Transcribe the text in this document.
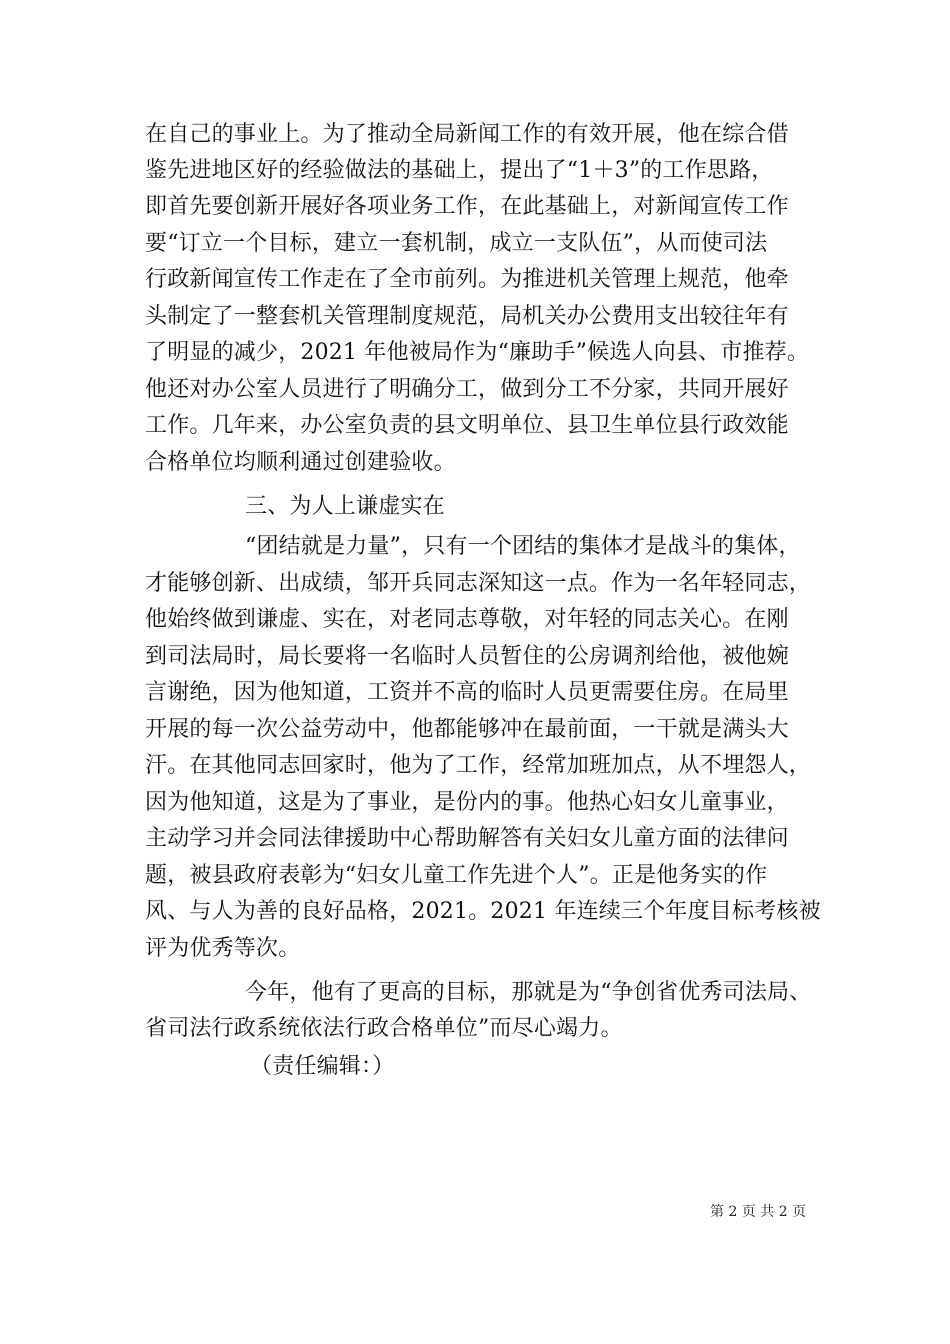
在自己的事业上。为了推动全局新闻工作的有效开展，他在综合借
鉴先进地区好的经验做法的基础上，提出了“1＋3”的工作思路，
即首先要创新开展好各项业务工作，在此基础上，对新闻宣传工作
要“订立一个目标，建立一套机制，成立一支队伍”，从而使司法
行政新闻宣传工作走在了全市前列。为推进机关管理上规范，他牵
头制定了一整套机关管理制度规范，局机关办公费用支出较往年有
了明显的减少，2021 年他被局作为“廉助手”候选人向县、市推荐。
他还对办公室人员进行了明确分工，做到分工不分家，共同开展好
工作。几年来，办公室负责的县文明单位、县卫生单位县行政效能
合格单位均顺利通过创建验收。
三、为人上谦虚实在
“团结就是力量”，只有一个团结的集体才是战斗的集体，
才能够创新、出成绩，邹开兵同志深知这一点。作为一名年轻同志，
他始终做到谦虚、实在，对老同志尊敬，对年轻的同志关心。在刚
到司法局时，局长要将一名临时人员暂住的公房调剂给他，被他婉
言谢绝，因为他知道，工资并不高的临时人员更需要住房。在局里
开展的每一次公益劳动中，他都能够冲在最前面，一干就是满头大
汗。在其他同志回家时，他为了工作，经常加班加点，从不埋怨人，
因为他知道，这是为了事业，是份内的事。他热心妇女儿童事业，
主动学习并会同法律援助中心帮助解答有关妇女儿童方面的法律问
题，被县政府表彰为“妇女儿童工作先进个人”。正是他务实的作
风、与人为善的良好品格，2021。2021 年连续三个年度目标考核被
评为优秀等次。
今年，他有了更高的目标，那就是为“争创省优秀司法局、
省司法行政系统依法行政合格单位”而尽心竭力。
（责任编辑：）
第 2 页 共 2 页
